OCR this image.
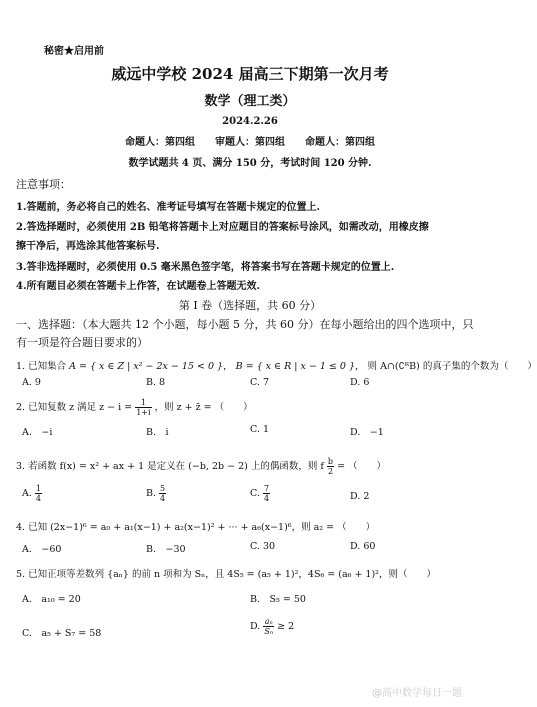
秘密★启用前
威远中学校 2024 届高三下期第一次月考
数学（理工类）
2024.2.26
命题人：第四组　　审题人：第四组　　命题人：第四组
数学试题共 4 页、满分 150 分，考试时间 120 分钟.
注意事项：
1.答题前，务必将自己的姓名、准考证号填写在答题卡规定的位置上.
2.答选择题时，必须使用 2B 铅笔将答题卡上对应题目的答案标号涂风，如需改动，用橡皮擦
擦干净后，再选涂其他答案标号.
3.答非选择题时，必须使用 0.5 毫米黑色签字笔，将答案书写在答题卡规定的位置上.
4.所有题目必须在答题卡上作答，在试题卷上答题无效.
第 I 卷（选择题，共 60 分）
一、选择题：（本大题共 12 个小题，每小题 5 分，共 60 分）在每小题给出的四个选项中，只
有一项是符合题目要求的）
1. 已知集合 A = { x ∈ Z | x² − 2x − 15 < 0 }， B = { x ∈ R | x − 1 ≤ 0 }， 则 A∩(∁ᴿB) 的真子集的个数为（　　）
A. 9	B. 8	C. 7	D. 6
2. 已知复数 z 满足 $z - i = \frac{1}{1+i}$ ，则 z + z̄ = （　　）
A.　−i	B.　i	C. 1	D.　−1
3. 若函数 f(x) = x² + ax + 1 是定义在 (−b, 2b − 2) 上的偶函数，则 f $\frac{b}{2}$ = （　　）
A. $\frac{1}{4}$	B. $\frac{5}{4}$	C. $\frac{7}{4}$	D. 2
4. 已知 (2x−1)⁶ = a₀ + a₁(x−1) + a₂(x−1)² + ··· + a₆(x−1)⁶，则 a₂ = （　　）
A.　−60	B.　−30	C. 30	D. 60
5. 已知正项等差数列 {aₙ} 的前 n 项和为 Sₙ，且 4S₅ = (a₅ + 1)²，4S₆ = (a₆ + 1)²，则（　　）
A.　a₁₀ = 20	B.　S₅ = 50
C.　a₅ + S₇ = 58
D. $\frac{\text{aₙ}}{\text{Sₙ}} \ge 2$
@高中数学每日一题
